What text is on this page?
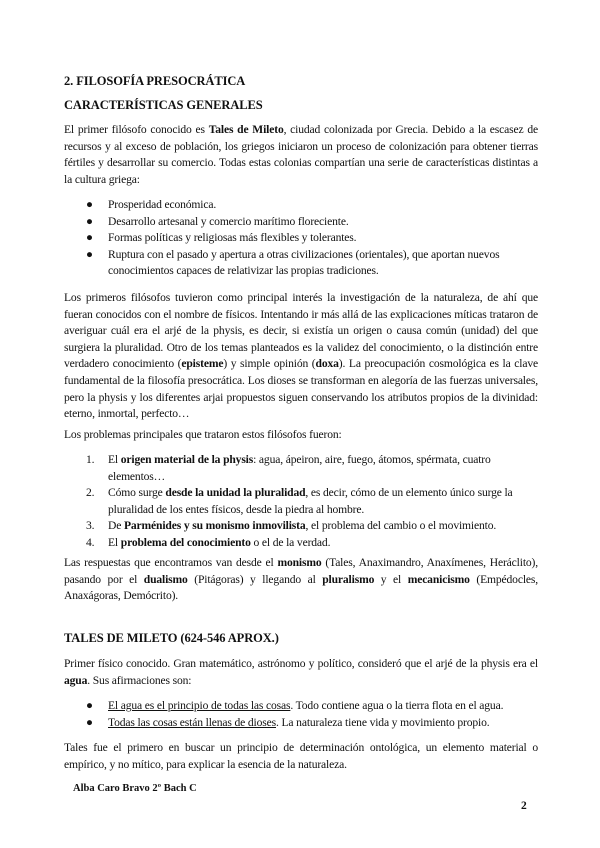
2. FILOSOFÍA PRESOCRÁTICA
CARACTERÍSTICAS GENERALES

El primer filósofo conocido es Tales de Mileto, ciudad colonizada por Grecia. Debido a la escasez de recursos y al exceso de población, los griegos iniciaron un proceso de colonización para obtener tierras fértiles y desarrollar su comercio. Todas estas colonias compartían una serie de características distintas a la cultura griega:

● Prosperidad económica.
● Desarrollo artesanal y comercio marítimo floreciente.
● Formas políticas y religiosas más flexibles y tolerantes.
● Ruptura con el pasado y apertura a otras civilizaciones (orientales), que aportan nuevos conocimientos capaces de relativizar las propias tradiciones.

Los primeros filósofos tuvieron como principal interés la investigación de la naturaleza, de ahí que fueran conocidos con el nombre de físicos. Intentando ir más allá de las explicaciones míticas trataron de averiguar cuál era el arjé de la physis, es decir, si existía un origen o causa común (unidad) del que surgiera la pluralidad. Otro de los temas planteados es la validez del conocimiento, o la distinción entre verdadero conocimiento (episteme) y simple opinión (doxa). La preocupación cosmológica es la clave fundamental de la filosofía presocrática. Los dioses se transforman en alegoría de las fuerzas universales, pero la physis y los diferentes arjai propuestos siguen conservando los atributos propios de la divinidad: eterno, inmortal, perfecto…

Los problemas principales que trataron estos filósofos fueron:

1. El origen material de la physis: agua, ápeiron, aire, fuego, átomos, spérmata, cuatro elementos…
2. Cómo surge desde la unidad la pluralidad, es decir, cómo de un elemento único surge la pluralidad de los entes físicos, desde la piedra al hombre.
3. De Parménides y su monismo inmovilista, el problema del cambio o el movimiento.
4. El problema del conocimiento o el de la verdad.

Las respuestas que encontramos van desde el monismo (Tales, Anaximandro, Anaxímenes, Heráclito), pasando por el dualismo (Pitágoras) y llegando al pluralismo y el mecanicismo (Empédocles, Anaxágoras, Demócrito).

TALES DE MILETO (624-546 APROX.)

Primer físico conocido. Gran matemático, astrónomo y político, consideró que el arjé de la physis era el agua. Sus afirmaciones son:

● El agua es el principio de todas las cosas. Todo contiene agua o la tierra flota en el agua.
● Todas las cosas están llenas de dioses. La naturaleza tiene vida y movimiento propio.

Tales fue el primero en buscar un principio de determinación ontológica, un elemento material o empírico, y no mítico, para explicar la esencia de la naturaleza.

Alba Caro Bravo 2º Bach C
2
